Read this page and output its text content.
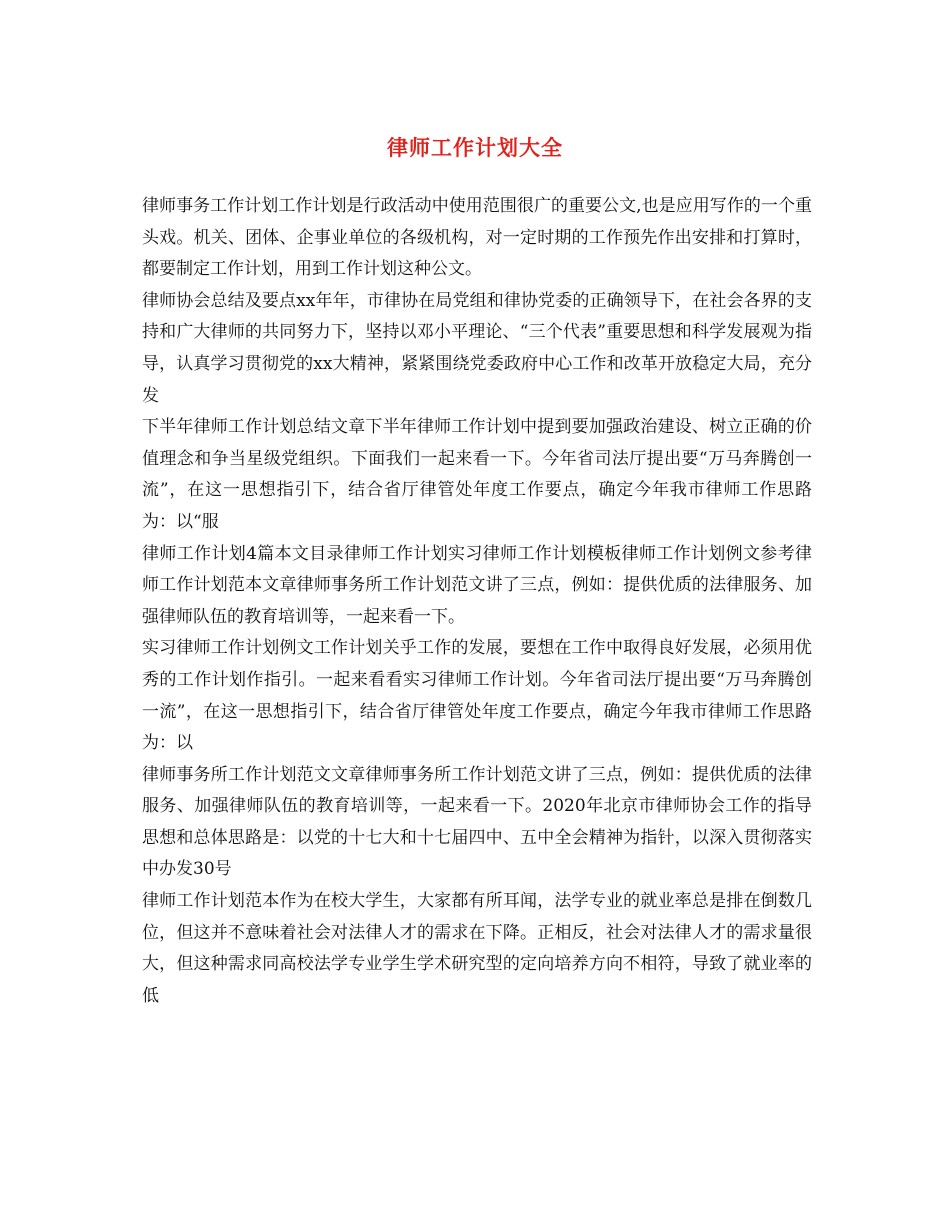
律师工作计划大全

律师事务工作计划工作计划是行政活动中使用范围很广的重要公文,也是应用写作的一个重头戏。机关、团体、企事业单位的各级机构，对一定时期的工作预先作出安排和打算时，都要制定工作计划，用到工作计划这种公文。

律师协会总结及要点xx年年，市律协在局党组和律协党委的正确领导下，在社会各界的支持和广大律师的共同努力下，坚持以邓小平理论、“三个代表”重要思想和科学发展观为指导，认真学习贯彻党的xx大精神，紧紧围绕党委政府中心工作和改革开放稳定大局，充分发

下半年律师工作计划总结文章下半年律师工作计划中提到要加强政治建设、树立正确的价值理念和争当星级党组织。下面我们一起来看一下。今年省司法厅提出要“万马奔腾创一流”，在这一思想指引下，结合省厅律管处年度工作要点，确定今年我市律师工作思路为：以“服

律师工作计划4篇本文目录律师工作计划实习律师工作计划模板律师工作计划例文参考律师工作计划范本文章律师事务所工作计划范文讲了三点，例如：提供优质的法律服务、加强律师队伍的教育培训等，一起来看一下。

实习律师工作计划例文工作计划关乎工作的发展，要想在工作中取得良好发展，必须用优秀的工作计划作指引。一起来看看实习律师工作计划。今年省司法厅提出要“万马奔腾创一流”，在这一思想指引下，结合省厅律管处年度工作要点，确定今年我市律师工作思路为：以

律师事务所工作计划范文文章律师事务所工作计划范文讲了三点，例如：提供优质的法律服务、加强律师队伍的教育培训等，一起来看一下。2020年北京市律师协会工作的指导思想和总体思路是：以党的十七大和十七届四中、五中全会精神为指针，以深入贯彻落实中办发30号

律师工作计划范本作为在校大学生，大家都有所耳闻，法学专业的就业率总是排在倒数几位，但这并不意味着社会对法律人才的需求在下降。正相反，社会对法律人才的需求量很大，但这种需求同高校法学专业学生学术研究型的定向培养方向不相符，导致了就业率的低
